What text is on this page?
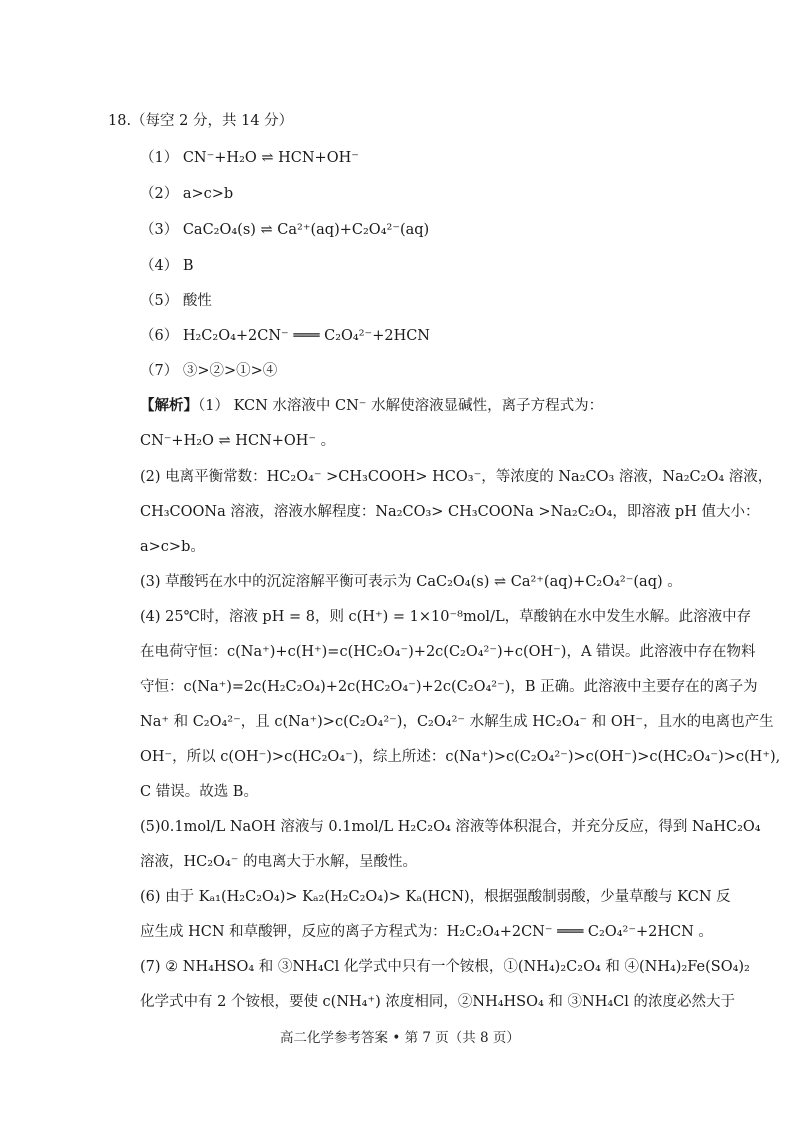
18.（每空 2 分，共 14 分）
（1） CN⁻+H₂O ⇌ HCN+OH⁻
（2） a>c>b
（3） CaC₂O₄(s) ⇌ Ca²⁺(aq)+C₂O₄²⁻(aq)
（4） B
（5） 酸性
（6） H₂C₂O₄+2CN⁻ ═══ C₂O₄²⁻+2HCN
（7） ③>②>①>④
【解析】（1） KCN 水溶液中 CN⁻ 水解使溶液显碱性，离子方程式为：
CN⁻+H₂O ⇌ HCN+OH⁻ 。
(2) 电离平衡常数：HC₂O₄⁻ >CH₃COOH> HCO₃⁻，等浓度的 Na₂CO₃ 溶液，Na₂C₂O₄ 溶液，
CH₃COONa 溶液，溶液水解程度：Na₂CO₃> CH₃COONa >Na₂C₂O₄，即溶液 pH 值大小：
a>c>b。
(3) 草酸钙在水中的沉淀溶解平衡可表示为 CaC₂O₄(s) ⇌ Ca²⁺(aq)+C₂O₄²⁻(aq) 。
(4) 25℃时，溶液 pH = 8，则 c(H⁺) = 1×10⁻⁸mol/L，草酸钠在水中发生水解。此溶液中存
在电荷守恒：c(Na⁺)+c(H⁺)=c(HC₂O₄⁻)+2c(C₂O₄²⁻)+c(OH⁻)，A 错误。此溶液中存在物料
守恒：c(Na⁺)=2c(H₂C₂O₄)+2c(HC₂O₄⁻)+2c(C₂O₄²⁻)，B 正确。此溶液中主要存在的离子为
Na⁺ 和 C₂O₄²⁻，且 c(Na⁺)>c(C₂O₄²⁻)，C₂O₄²⁻ 水解生成 HC₂O₄⁻ 和 OH⁻，且水的电离也产生
OH⁻，所以 c(OH⁻)>c(HC₂O₄⁻)，综上所述：c(Na⁺)>c(C₂O₄²⁻)>c(OH⁻)>c(HC₂O₄⁻)>c(H⁺),
C 错误。故选 B。
(5)0.1mol/L NaOH 溶液与 0.1mol/L H₂C₂O₄ 溶液等体积混合，并充分反应，得到 NaHC₂O₄
溶液，HC₂O₄⁻ 的电离大于水解，呈酸性。
(6) 由于 Kₐ₁(H₂C₂O₄)> Kₐ₂(H₂C₂O₄)> Kₐ(HCN)，根据强酸制弱酸，少量草酸与 KCN 反
应生成 HCN 和草酸钾，反应的离子方程式为：H₂C₂O₄+2CN⁻ ═══ C₂O₄²⁻+2HCN 。
(7) ② NH₄HSO₄ 和 ③NH₄Cl 化学式中只有一个铵根，①(NH₄)₂C₂O₄ 和 ④(NH₄)₂Fe(SO₄)₂
化学式中有 2 个铵根，要使 c(NH₄⁺) 浓度相同，②NH₄HSO₄ 和 ③NH₄Cl 的浓度必然大于
高二化学参考答案 • 第 7 页（共 8 页）
